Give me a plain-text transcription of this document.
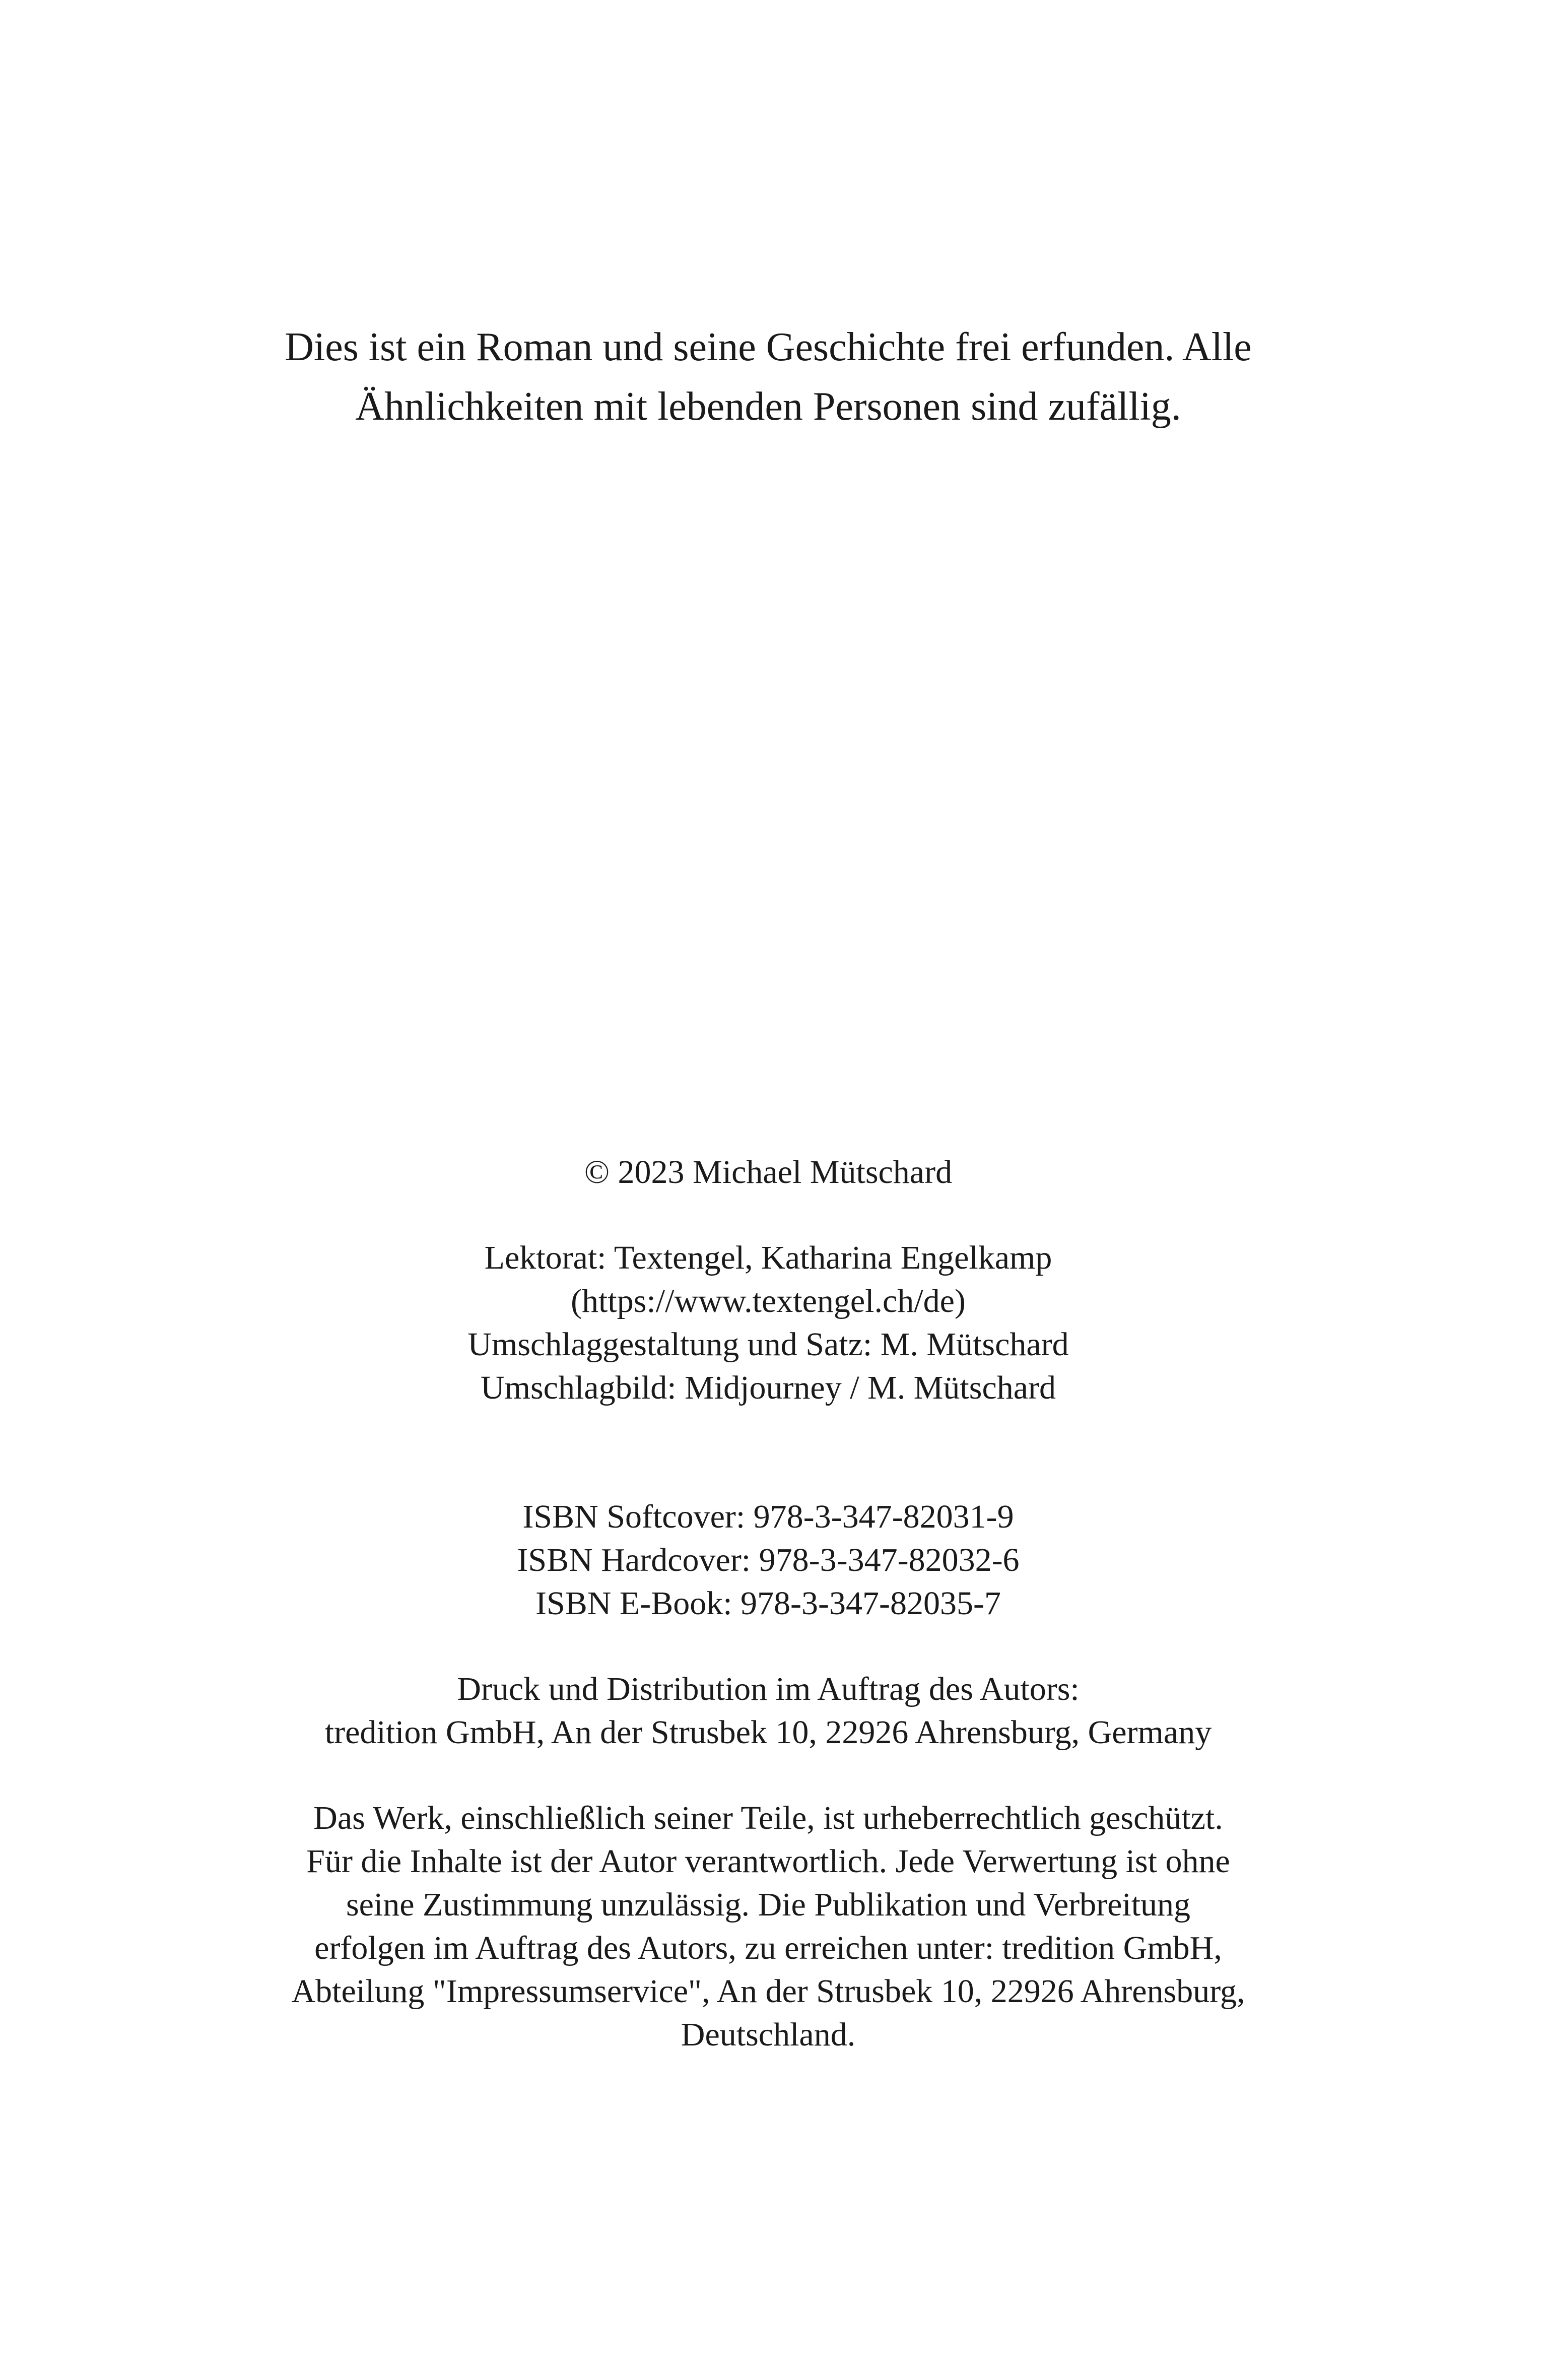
Dies ist ein Roman und seine Geschichte frei erfunden. Alle
Ähnlichkeiten mit lebenden Personen sind zufällig.
© 2023 Michael Mütschard
Lektorat: Textengel, Katharina Engelkamp
(https://www.textengel.ch/de)
Umschlaggestaltung und Satz: M. Mütschard
Umschlagbild: Midjourney / M. Mütschard
ISBN Softcover: 978-3-347-82031-9
ISBN Hardcover: 978-3-347-82032-6
ISBN E-Book: 978-3-347-82035-7
Druck und Distribution im Auftrag des Autors:
tredition GmbH, An der Strusbek 10, 22926 Ahrensburg, Germany
Das Werk, einschließlich seiner Teile, ist urheberrechtlich geschützt.
Für die Inhalte ist der Autor verantwortlich. Jede Verwertung ist ohne
seine Zustimmung unzulässig. Die Publikation und Verbreitung
erfolgen im Auftrag des Autors, zu erreichen unter: tredition GmbH,
Abteilung "Impressumservice", An der Strusbek 10, 22926 Ahrensburg,
Deutschland.
